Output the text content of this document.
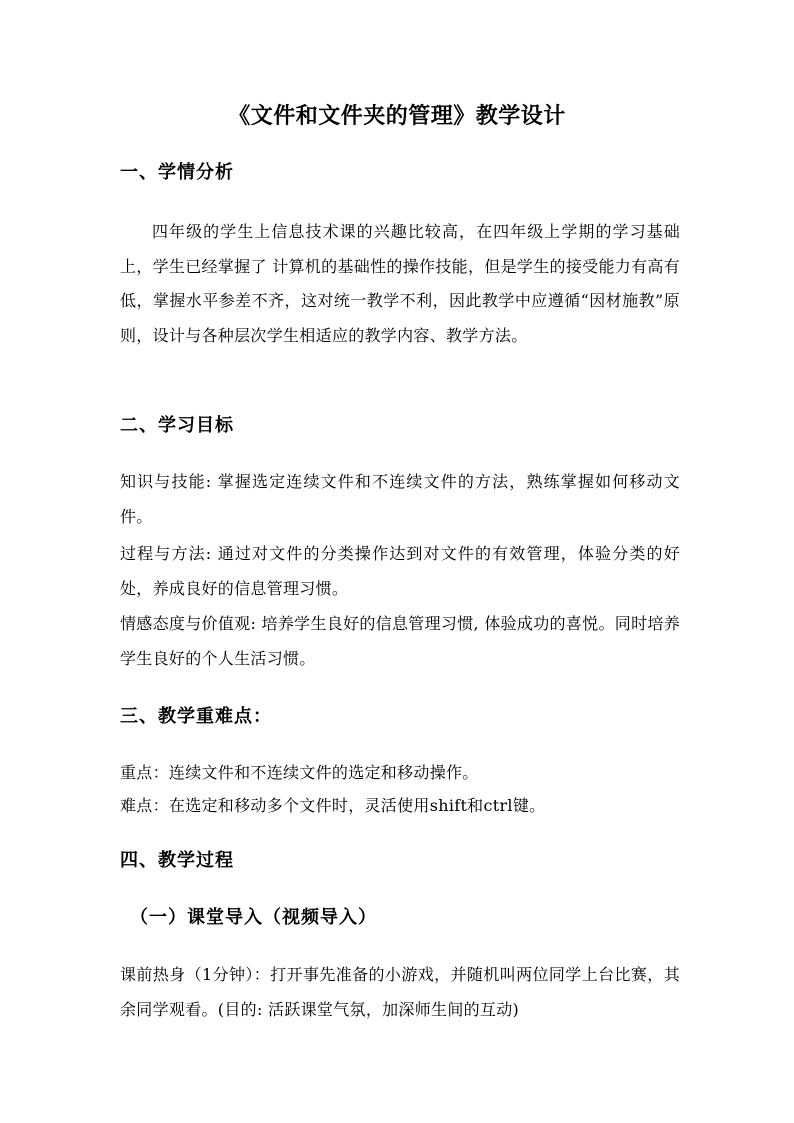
《文件和文件夹的管理》教学设计
一、学情分析
四年级的学生上信息技术课的兴趣比较高，在四年级上学期的学习基础上，学生已经掌握了 计算机的基础性的操作技能，但是学生的接受能力有高有低，掌握水平参差不齐，这对统一教学不利，因此教学中应遵循“因材施教”原则，设计与各种层次学生相适应的教学内容、教学方法。
二、学习目标
知识与技能: 掌握选定连续文件和不连续文件的方法，熟练掌握如何移动文件。
过程与方法: 通过对文件的分类操作达到对文件的有效管理，体验分类的好处，养成良好的信息管理习惯。
情感态度与价值观: 培养学生良好的信息管理习惯, 体验成功的喜悦。同时培养学生良好的个人生活习惯。
三、教学重难点：
重点：连续文件和不连续文件的选定和移动操作。
难点：在选定和移动多个文件时，灵活使用shift和ctrl键。
四、教学过程
（一）课堂导入（视频导入）
课前热身（1分钟）：打开事先准备的小游戏，并随机叫两位同学上台比赛，其余同学观看。(目的: 活跃课堂气氛，加深师生间的互动)
